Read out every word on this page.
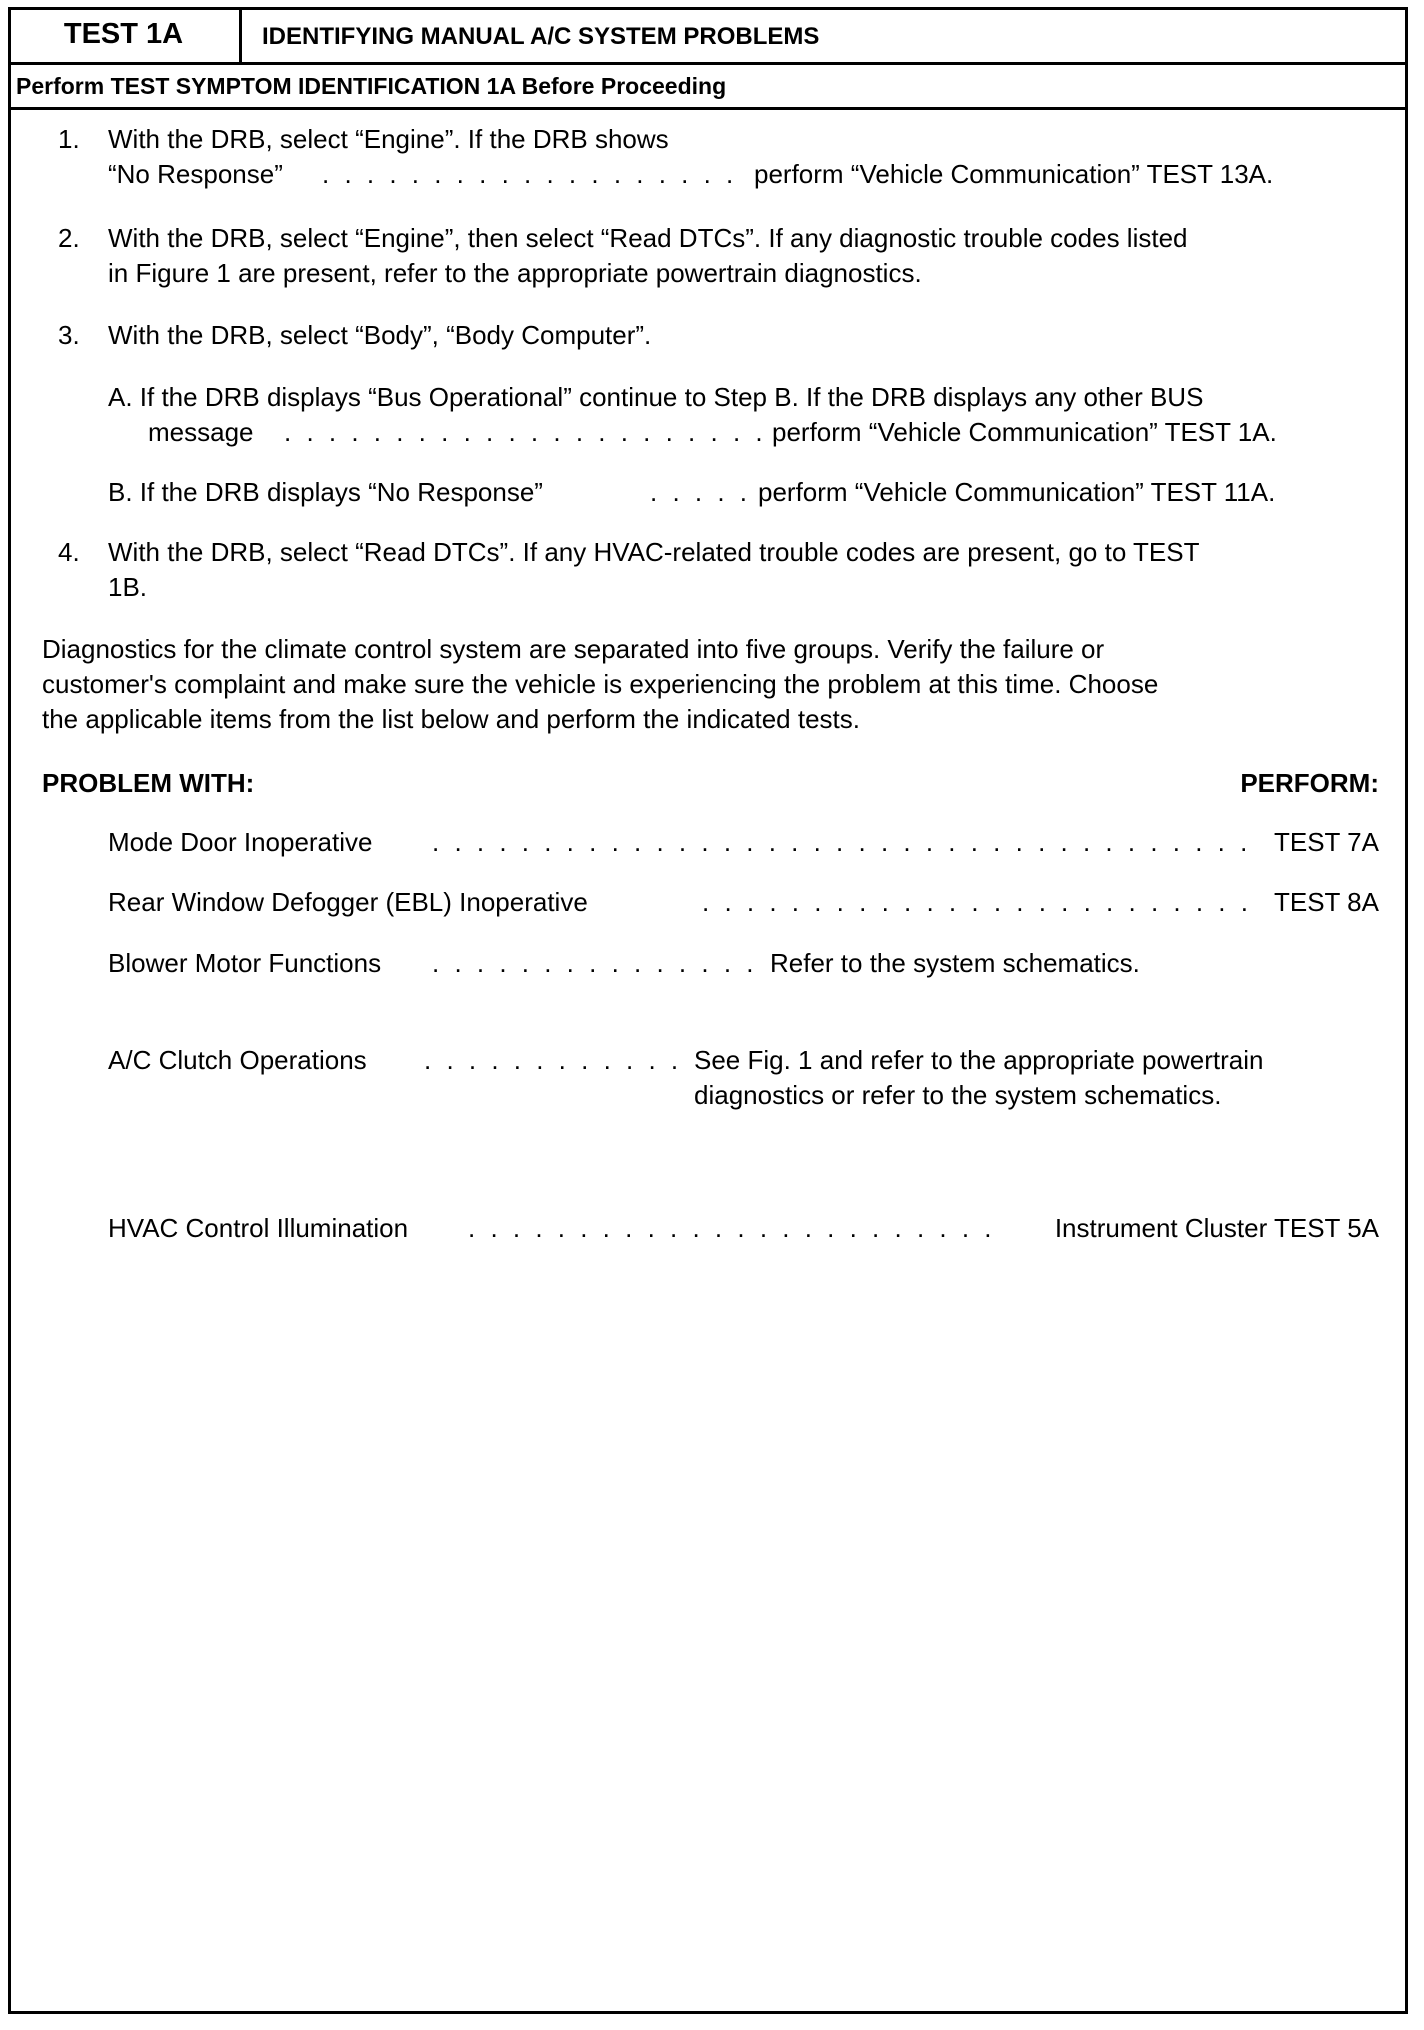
TEST 1A	IDENTIFYING MANUAL A/C SYSTEM PROBLEMS
Perform TEST SYMPTOM IDENTIFICATION 1A Before Proceeding
1. With the DRB, select “Engine”. If the DRB shows
“No Response” . . .	perform “Vehicle Communication” TEST 13A.
2. With the DRB, select “Engine”, then select “Read DTCs”. If any diagnostic trouble codes listed
in Figure 1 are present, refer to the appropriate powertrain diagnostics.
3. With the DRB, select “Body”, “Body Computer”.
A. If the DRB displays “Bus Operational” continue to Step B. If the DRB displays any other BUS
message . . .	perform “Vehicle Communication” TEST 1A.
B. If the DRB displays “No Response” . . .	perform “Vehicle Communication” TEST 11A.
4. With the DRB, select “Read DTCs”. If any HVAC-related trouble codes are present, go to TEST
1B.
Diagnostics for the climate control system are separated into five groups. Verify the failure or
customer's complaint and make sure the vehicle is experiencing the problem at this time. Choose
the applicable items from the list below and perform the indicated tests.
PROBLEM WITH:	PERFORM:
Mode Door Inoperative . . .	TEST 7A
Rear Window Defogger (EBL) Inoperative . . .	TEST 8A
Blower Motor Functions . . .	Refer to the system schematics.
A/C Clutch Operations . . .	See Fig. 1 and refer to the appropriate powertrain
diagnostics or refer to the system schematics.
HVAC Control Illumination . . .	Instrument Cluster TEST 5A
